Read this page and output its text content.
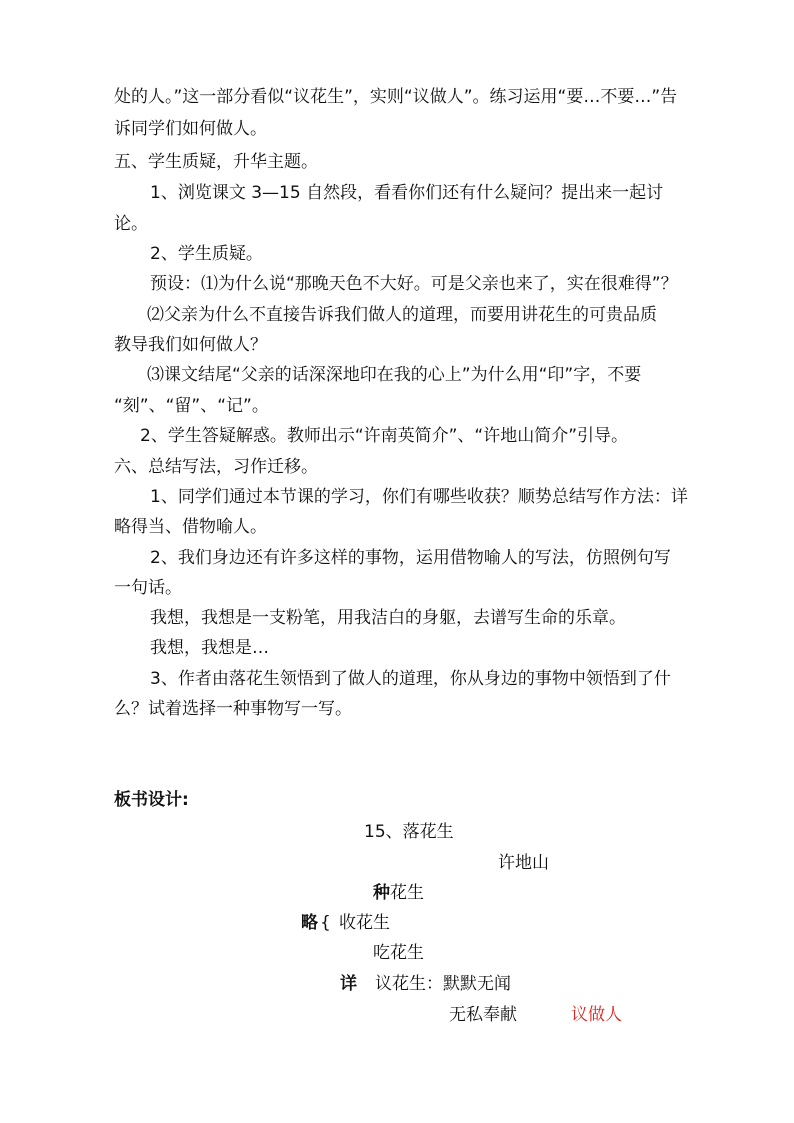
处的人。”这一部分看似“议花生”，实则“议做人”。练习运用“要…不要…”告
诉同学们如何做人。
五、学生质疑，升华主题。
1、浏览课文 3—15 自然段，看看你们还有什么疑问？提出来一起讨
论。
2、学生质疑。
预设：⑴为什么说“那晚天色不大好。可是父亲也来了，实在很难得”？
⑵父亲为什么不直接告诉我们做人的道理，而要用讲花生的可贵品质
教导我们如何做人？
⑶课文结尾“父亲的话深深地印在我的心上”为什么用“印”字，不要
“刻”、“留”、“记”。
2、学生答疑解惑。教师出示“许南英简介”、“许地山简介”引导。
六、总结写法，习作迁移。
1、同学们通过本节课的学习，你们有哪些收获？顺势总结写作方法：详
略得当、借物喻人。
2、我们身边还有许多这样的事物，运用借物喻人的写法，仿照例句写
一句话。
我想，我想是一支粉笔，用我洁白的身躯，去谱写生命的乐章。
我想，我想是…
3、作者由落花生领悟到了做人的道理，你从身边的事物中领悟到了什
么？试着选择一种事物写一写。
板书设计:
15、落花生
许地山
种花生
略 { 收花生
吃花生
详 议花生：默默无闻
无私奉献	议做人
